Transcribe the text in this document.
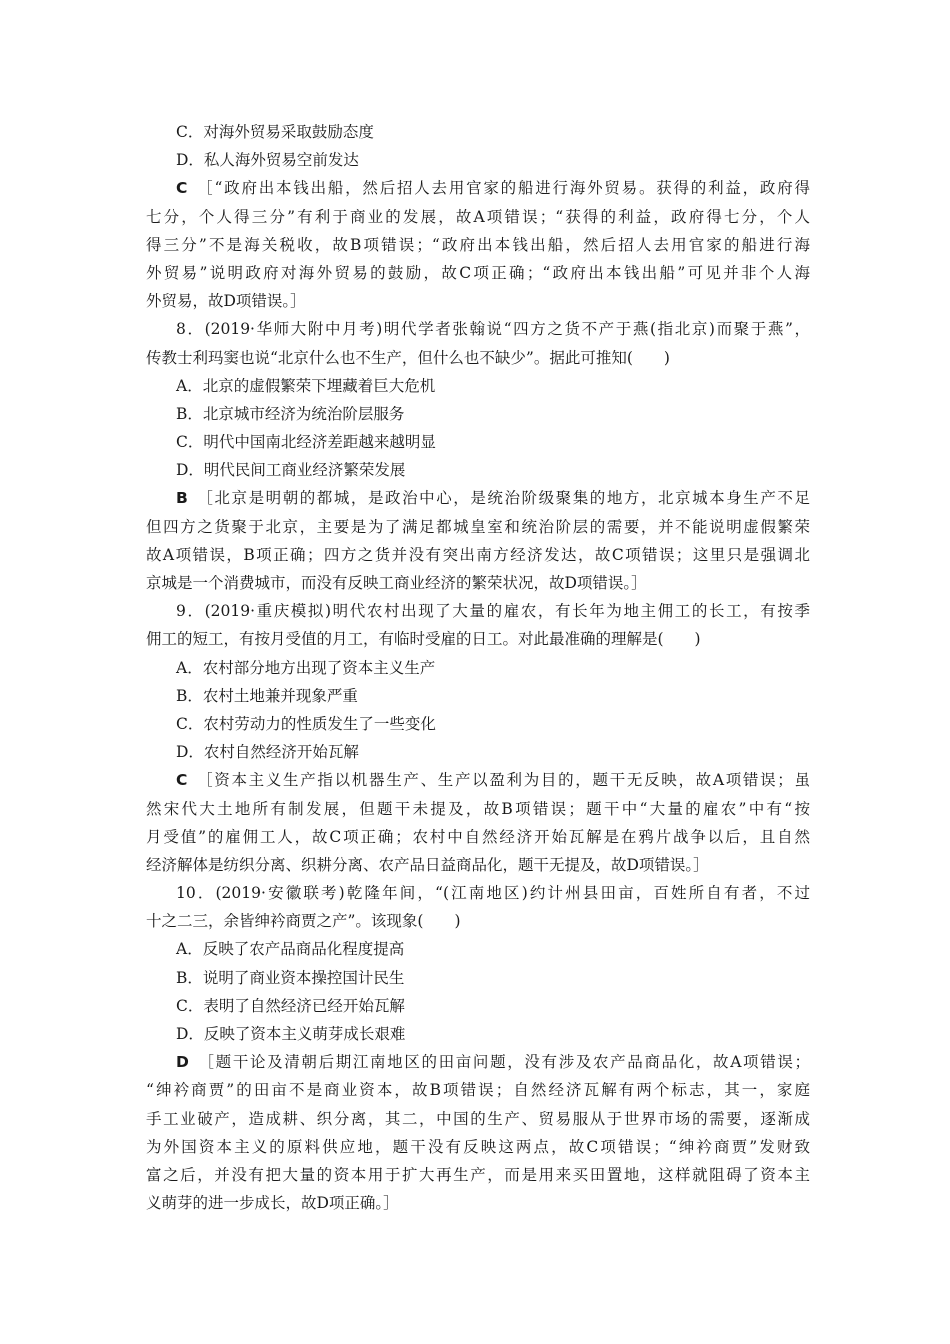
C．对海外贸易采取鼓励态度
D．私人海外贸易空前发达
C ［“政府出本钱出船，然后招人去用官家的船进行海外贸易。获得的利益，政府得
七分，个人得三分”有利于商业的发展，故A项错误；“获得的利益，政府得七分，个人
得三分”不是海关税收，故B项错误；“政府出本钱出船，然后招人去用官家的船进行海
外贸易”说明政府对海外贸易的鼓励，故C项正确；“政府出本钱出船”可见并非个人海
外贸易，故D项错误。］
8．(2019·华师大附中月考)明代学者张翰说“四方之货不产于燕(指北京)而聚于燕”，
传教士利玛窦也说“北京什么也不生产，但什么也不缺少”。据此可推知(　　)
A．北京的虚假繁荣下埋藏着巨大危机
B．北京城市经济为统治阶层服务
C．明代中国南北经济差距越来越明显
D．明代民间工商业经济繁荣发展
B ［北京是明朝的都城，是政治中心，是统治阶级聚集的地方，北京城本身生产不足
但四方之货聚于北京，主要是为了满足都城皇室和统治阶层的需要，并不能说明虚假繁荣
故A项错误，B项正确；四方之货并没有突出南方经济发达，故C项错误；这里只是强调北
京城是一个消费城市，而没有反映工商业经济的繁荣状况，故D项错误。］
9．(2019·重庆模拟)明代农村出现了大量的雇农，有长年为地主佣工的长工，有按季
佣工的短工，有按月受值的月工，有临时受雇的日工。对此最准确的理解是(　　)
A．农村部分地方出现了资本主义生产
B．农村土地兼并现象严重
C．农村劳动力的性质发生了一些变化
D．农村自然经济开始瓦解
C ［资本主义生产指以机器生产、生产以盈利为目的，题干无反映，故A项错误；虽
然宋代大土地所有制发展，但题干未提及，故B项错误；题干中“大量的雇农”中有“按
月受值”的雇佣工人，故C项正确；农村中自然经济开始瓦解是在鸦片战争以后，且自然
经济解体是纺织分离、织耕分离、农产品日益商品化，题干无提及，故D项错误。］
10．(2019·安徽联考)乾隆年间，“(江南地区)约计州县田亩，百姓所自有者，不过
十之二三，余皆绅衿商贾之产”。该现象(　　)
A．反映了农产品商品化程度提高
B．说明了商业资本操控国计民生
C．表明了自然经济已经开始瓦解
D．反映了资本主义萌芽成长艰难
D ［题干论及清朝后期江南地区的田亩问题，没有涉及农产品商品化，故A项错误；
“绅衿商贾”的田亩不是商业资本，故B项错误；自然经济瓦解有两个标志，其一，家庭
手工业破产，造成耕、织分离，其二，中国的生产、贸易服从于世界市场的需要，逐渐成
为外国资本主义的原料供应地，题干没有反映这两点，故C项错误；“绅衿商贾”发财致
富之后，并没有把大量的资本用于扩大再生产，而是用来买田置地，这样就阻碍了资本主
义萌芽的进一步成长，故D项正确。］
